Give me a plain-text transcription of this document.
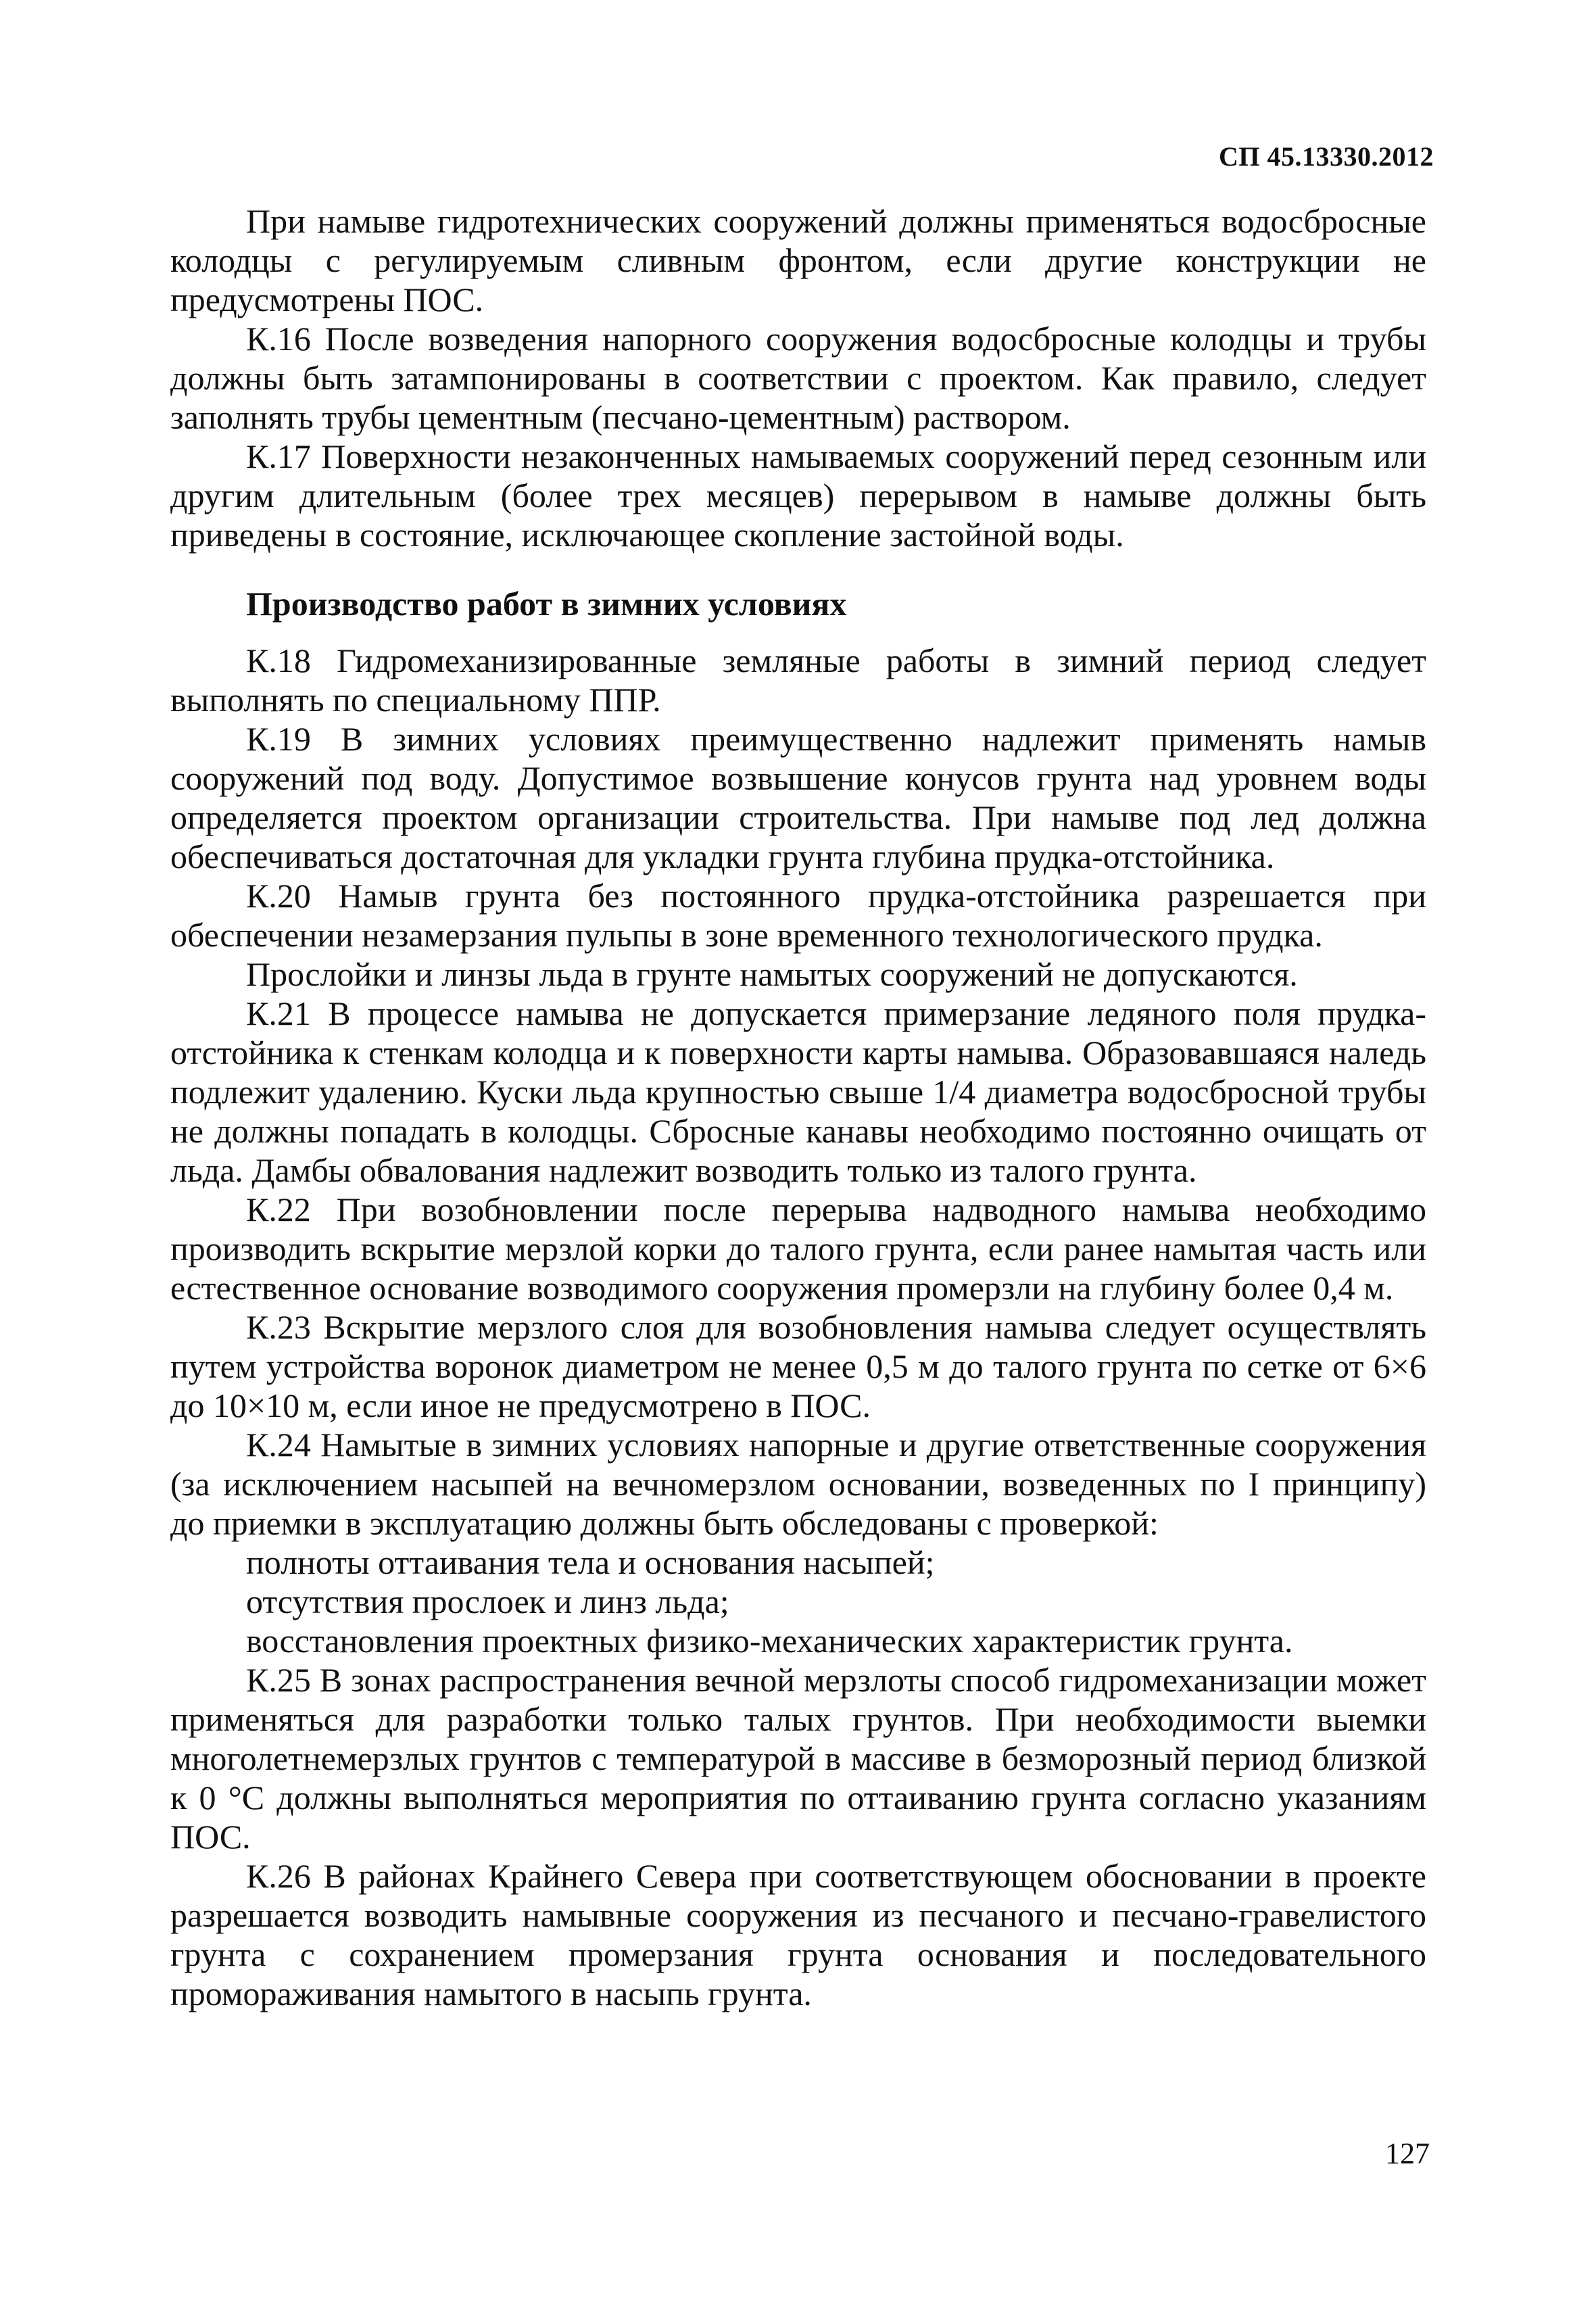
СП 45.13330.2012

При намыве гидротехнических сооружений должны применяться водосбросные колодцы с регулируемым сливным фронтом, если другие конструкции не предусмотрены ПОС.

К.16 После возведения напорного сооружения водосбросные колодцы и трубы должны быть затампонированы в соответствии с проектом. Как правило, следует заполнять трубы цементным (песчано-цементным) раствором.

К.17 Поверхности незаконченных намываемых сооружений перед сезонным или другим длительным (более трех месяцев) перерывом в намыве должны быть приведены в состояние, исключающее скопление застойной воды.

Производство работ в зимних условиях

К.18 Гидромеханизированные земляные работы в зимний период следует выполнять по специальному ППР.

К.19 В зимних условиях преимущественно надлежит применять намыв сооружений под воду. Допустимое возвышение конусов грунта над уровнем воды определяется проектом организации строительства. При намыве под лед должна обеспечиваться достаточная для укладки грунта глубина прудка-отстойника.

К.20 Намыв грунта без постоянного прудка-отстойника разрешается при обеспечении незамерзания пульпы в зоне временного технологического прудка.

Прослойки и линзы льда в грунте намытых сооружений не допускаются.

К.21 В процессе намыва не допускается примерзание ледяного поля прудка-отстойника к стенкам колодца и к поверхности карты намыва. Образовавшаяся наледь подлежит удалению. Куски льда крупностью свыше 1/4 диаметра водосбросной трубы не должны попадать в колодцы. Сбросные канавы необходимо постоянно очищать от льда. Дамбы обвалования надлежит возводить только из талого грунта.

К.22 При возобновлении после перерыва надводного намыва необходимо производить вскрытие мерзлой корки до талого грунта, если ранее намытая часть или естественное основание возводимого сооружения промерзли на глубину более 0,4 м.

К.23 Вскрытие мерзлого слоя для возобновления намыва следует осуществлять путем устройства воронок диаметром не менее 0,5 м до талого грунта по сетке от 6×6 до 10×10 м, если иное не предусмотрено в ПОС.

К.24 Намытые в зимних условиях напорные и другие ответственные сооружения (за исключением насыпей на вечномерзлом основании, возведенных по I принципу) до приемки в эксплуатацию должны быть обследованы с проверкой:

полноты оттаивания тела и основания насыпей;

отсутствия прослоек и линз льда;

восстановления проектных физико-механических характеристик грунта.

К.25 В зонах распространения вечной мерзлоты способ гидромеханизации может применяться для разработки только талых грунтов. При необходимости выемки многолетнемерзлых грунтов с температурой в массиве в безморозный период близкой к 0 °С должны выполняться мероприятия по оттаиванию грунта согласно указаниям ПОС.

К.26 В районах Крайнего Севера при соответствующем обосновании в проекте разрешается возводить намывные сооружения из песчаного и песчано-гравелистого грунта с сохранением промерзания грунта основания и последовательного промораживания намытого в насыпь грунта.

127
